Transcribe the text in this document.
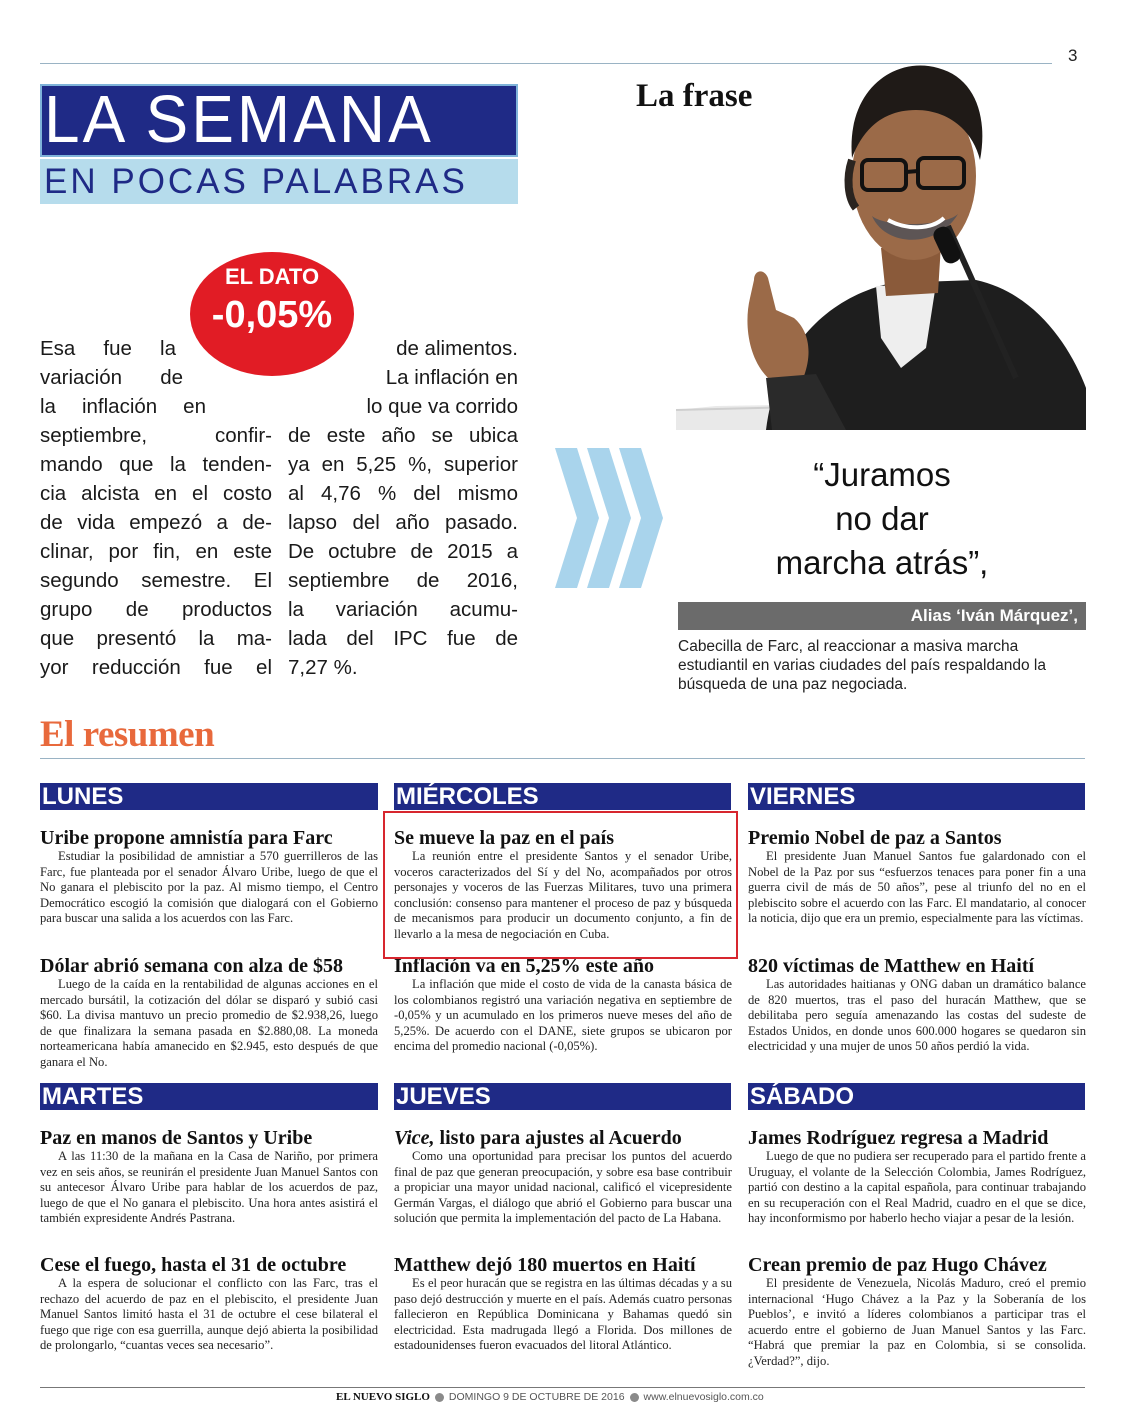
3
LA SEMANA
EN POCAS PALABRAS
EL DATO
-0,05%
Esa fue la
variación de
la inflación en
septiembre, confir-
mando que la tenden-
cia alcista en el costo
de vida empezó a de-
clinar, por fin, en este
segundo semestre. El
grupo de productos
que presentó la ma-
yor reducción fue el
de alimentos.
La inflación en
lo que va corrido
de este año se ubica
ya en 5,25 %, superior
al 4,76 % del mismo
lapso del año pasado.
De octubre de 2015 a
septiembre de 2016,
la variación acumu-
lada del IPC fue de
7,27 %.
La frase
“Juramos
no dar
marcha atrás”,
Alias ‘Iván Márquez’,
Cabecilla de Farc, al reaccionar a masiva marcha estudiantil en varias ciudades del país respaldando la búsqueda de una paz negociada.
El resumen
LUNES
Uribe propone amnistía para Farc

Estudiar la posibilidad de amnistiar a 570 guerrilleros de las Farc, fue planteada por el senador Álvaro Uribe, luego de que el No ganara el plebiscito por la paz. Al mismo tiempo, el Centro Democrático escogió la comisión que dialogará con el Gobierno para buscar una salida a los acuerdos con las Farc.

Dólar abrió semana con alza de $58

Luego de la caída en la rentabilidad de algunas acciones en el mercado bursátil, la cotización del dólar se disparó y subió casi $60. La divisa mantuvo un precio promedio de $2.938,26, luego de que finalizara la semana pasada en $2.880,08. La moneda norteamericana había amanecido en $2.945, esto después de que ganara el No.

MARTES
Paz en manos de Santos y Uribe

A las 11:30 de la mañana en la Casa de Nariño, por primera vez en seis años, se reunirán el presidente Juan Manuel Santos con su antecesor Álvaro Uribe para hablar de los acuerdos de paz, luego de que el No ganara el plebiscito. Una hora antes asistirá el también expresidente Andrés Pastrana.

Cese el fuego, hasta el 31 de octubre

A la espera de solucionar el conflicto con las Farc, tras el rechazo del acuerdo de paz en el plebiscito, el presidente Juan Manuel Santos limitó hasta el 31 de octubre el cese bilateral el fuego que rige con esa guerrilla, aunque dejó abierta la posibilidad de prolongarlo, “cuantas veces sea necesario”.

MIÉRCOLES
Se mueve la paz en el país

La reunión entre el presidente Santos y el senador Uribe, voceros caracterizados del Sí y del No, acompañados por otros personajes y voceros de las Fuerzas Militares, tuvo una primera conclusión: consenso para mantener el proceso de paz y búsqueda de mecanismos para producir un documento conjunto, a fin de llevarlo a la mesa de negociación en Cuba.

Inflación va en 5,25% este año

La inflación que mide el costo de vida de la canasta básica de los colombianos registró una variación negativa en septiembre de -0,05% y un acumulado en los primeros nueve meses del año de 5,25%. De acuerdo con el DANE, siete grupos se ubicaron por encima del promedio nacional (-0,05%).

JUEVES
Vice, listo para ajustes al Acuerdo

Como una oportunidad para precisar los puntos del acuerdo final de paz que generan preocupación, y sobre esa base contribuir a propiciar una mayor unidad nacional, calificó el vicepresidente Germán Vargas, el diálogo que abrió el Gobierno para buscar una solución que permita la implementación del pacto de La Habana.

Matthew dejó 180 muertos en Haití

Es el peor huracán que se registra en las últimas décadas y a su paso dejó destrucción y muerte en el país. Además cuatro personas fallecieron en República Dominicana y Bahamas quedó sin electricidad. Esta madrugada llegó a Florida. Dos millones de estadounidenses fueron evacuados del litoral Atlántico.

VIERNES
Premio Nobel de paz a Santos

El presidente Juan Manuel Santos fue galardonado con el Nobel de la Paz por sus “esfuerzos tenaces para poner fin a una guerra civil de más de 50 años”, pese al triunfo del no en el plebiscito sobre el acuerdo con las Farc. El mandatario, al conocer la noticia, dijo que era un premio, especialmente para las víctimas.

820 víctimas de Matthew en Haití

Las autoridades haitianas y ONG daban un dramático balance de 820 muertos, tras el paso del huracán Matthew, que se debilitaba pero seguía amenazando las costas del sudeste de Estados Unidos, en donde unos 600.000 hogares se quedaron sin electricidad y una mujer de unos 50 años perdió la vida.

SÁBADO
James Rodríguez regresa a Madrid

Luego de que no pudiera ser recuperado para el partido frente a Uruguay, el volante de la Selección Colombia, James Rodríguez, partió con destino a la capital española, para continuar trabajando en su recuperación con el Real Madrid, cuadro en el que se dice, hay inconformismo por haberlo hecho viajar a pesar de la lesión.

Crean premio de paz Hugo Chávez

El presidente de Venezuela, Nicolás Maduro, creó el premio internacional ‘Hugo Chávez a la Paz y la Soberanía de los Pueblos’, e invitó a líderes colombianos a participar tras el acuerdo entre el gobierno de Juan Manuel Santos y las Farc. “Habrá que premiar la paz en Colombia, si se consolida. ¿Verdad?”, dijo.

EL NUEVO SIGLO DOMINGO 9 DE OCTUBRE DE 2016 www.elnuevosiglo.com.co
